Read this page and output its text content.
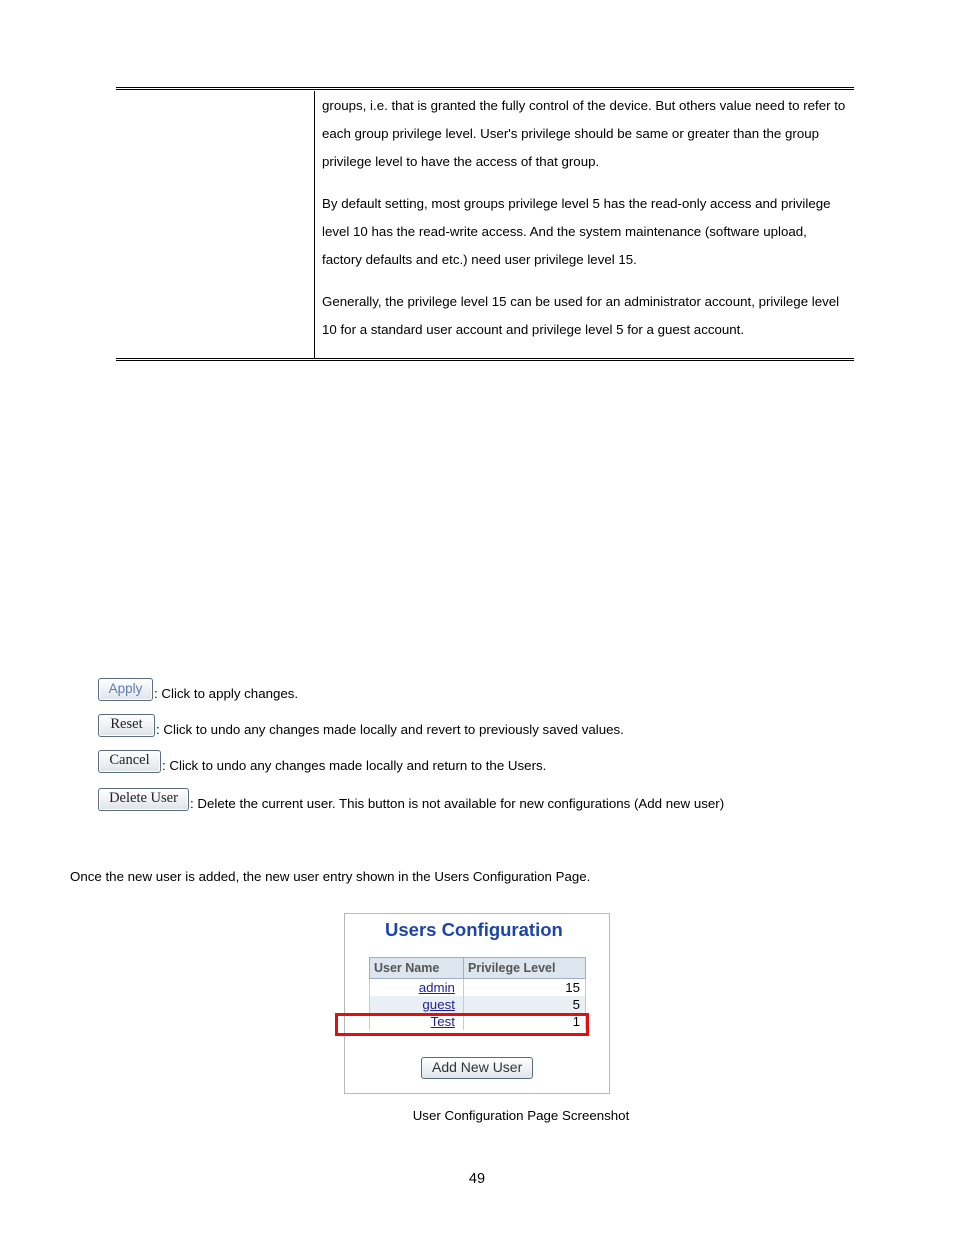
groups, i.e. that is granted the fully control of the device. But others value need to refer to each group privilege level. User's privilege should be same or greater than the group privilege level to have the access of that group.

By default setting, most groups privilege level 5 has the read-only access and privilege level 10 has the read-write access. And the system maintenance (software upload, factory defaults and etc.) need user privilege level 15.

Generally, the privilege level 15 can be used for an administrator account, privilege level 10 for a standard user account and privilege level 5 for a guest account.

Apply : Click to apply changes.
Reset	: Click to undo any changes made locally and revert to previously saved values.
Cancel : Click to undo any changes made locally and return to the Users.
Delete User : Delete the current user. This button is not available for new configurations (Add new user)
Once the new user is added, the new user entry shown in the Users Configuration Page.
Users Configuration
User Name	Privilege Level
admin	15
guest	5
Test	1
Add New User
User Configuration Page Screenshot
49
